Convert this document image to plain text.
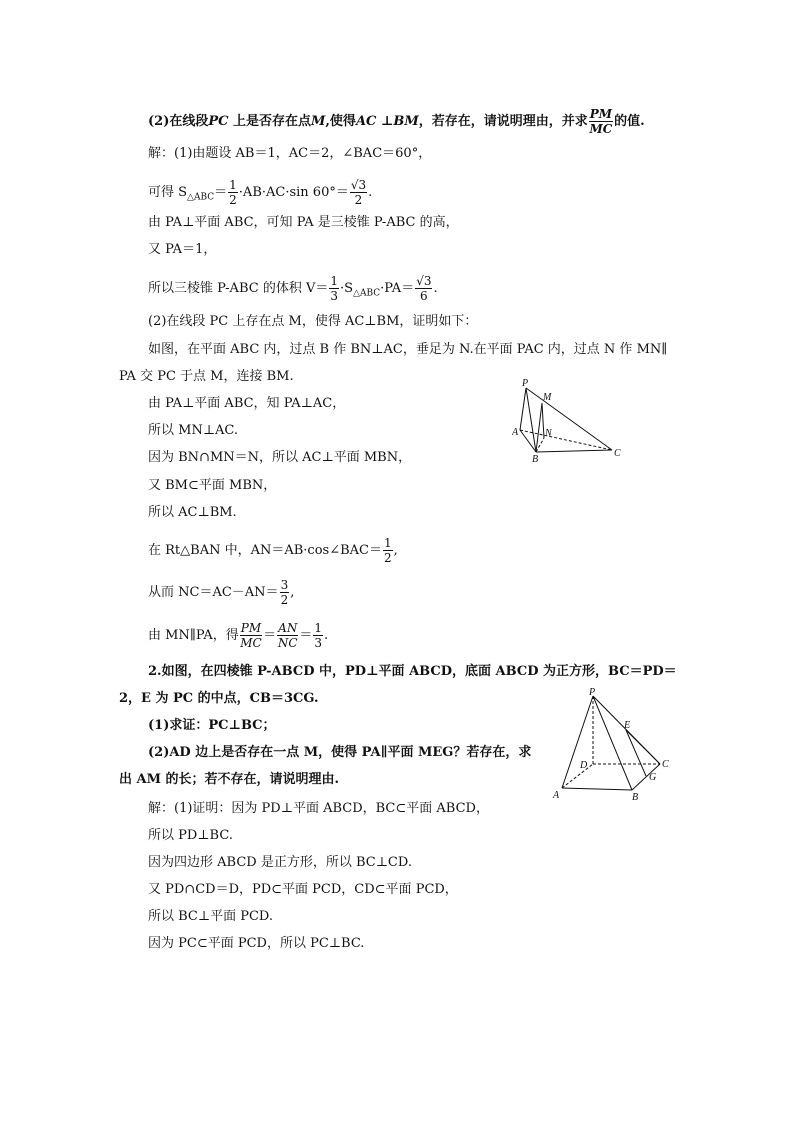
(2)在线段PC 上是否存在点M,使得AC ⊥BM，若存在，请说明理由，并求 $\frac{PM}{MC}$ 的值.
解：(1)由题设 AB＝1，AC＝2，∠BAC＝60°，
可得 $S_{\triangle ABC}= \frac{1}{2} \cdot AB\cdot AC\cdot\sin$ $60^\circ= \frac{√3}{2}$ .
由 PA⊥平面 ABC，可知 PA 是三棱锥 P-ABC 的高，
又 PA＝1，
所以三棱锥 P-ABC 的体积 $V= \frac{1}{3} \cdot S_{\triangle ABC}\cdot PA= \frac{√3}{6}$ .
(2)在线段 PC 上存在点 M，使得 AC⊥BM，证明如下：
如图，在平面 ABC 内，过点 B 作 BN⊥AC，垂足为 N.在平面 PAC 内，过点 N 作 MN∥
PA 交 PC 于点 M，连接 BM.
由 PA⊥平面 ABC，知 PA⊥AC，
所以 MN⊥AC.
因为 BN∩MN＝N，所以 AC⊥平面 MBN，
又 BM⊂平面 MBN，
所以 AC⊥BM.
在 Rt△BAN 中，AN＝AB·cos∠BAC＝ $\frac{1}{2}$ ,
从而 $NC=AC-AN= \frac{3}{2}$ ,
由 MN∥PA，得 $\frac{PM}{MC} = \frac{AN}{NC} = \frac{1}{3}$ .
P
M
A	N
B
C
2.如图，在四棱锥 P-ABCD 中，PD⊥平面 ABCD，底面 ABCD 为正方形，BC＝PD＝
2，E 为 PC 的中点，CB＝3CG.
(1)求证：PC⊥BC；
(2)AD 边上是否存在一点 M，使得 PA∥平面 MEG？若存在，求
出 AM 的长；若不存在，请说明理由.
P
E
D	C
G
A	B
解：(1)证明：因为 PD⊥平面 ABCD，BC⊂平面 ABCD，
所以 PD⊥BC.
因为四边形 ABCD 是正方形，所以 BC⊥CD.
又 PD∩CD＝D，PD⊂平面 PCD，CD⊂平面 PCD，
所以 BC⊥平面 PCD.
因为 PC⊂平面 PCD，所以 PC⊥BC.
